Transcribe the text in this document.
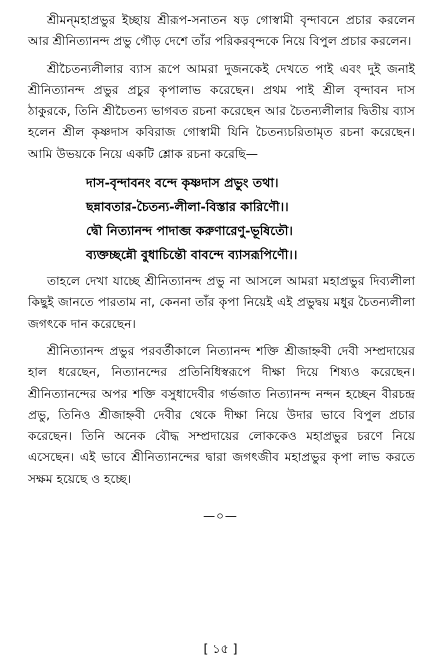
শ্রীমন্‌মহাপ্রভুর ইচ্ছায় শ্রীরূপ-সনাতন ষড় গোস্বামী বৃন্দাবনে প্রচার করলেন আর শ্রীনিত্যানন্দ প্রভু গৌড় দেশে তাঁর পরিকরবৃন্দকে নিয়ে বিপুল প্রচার করলেন।

শ্রীচৈতন্যলীলার ব্যাস রূপে আমরা দুজনকেই দেখতে পাই এবং দুই জনাই শ্রীনিত্যানন্দ প্রভুর প্রচুর কৃপালাভ করেছেন। প্রথম পাই শ্রীল বৃন্দাবন দাস ঠাকুরকে, তিনি শ্রীচৈতন্য ভাগবত রচনা করেছেন আর চৈতন্যলীলার দ্বিতীয় ব্যাস হলেন শ্রীল কৃষ্ণদাস কবিরাজ গোস্বামী যিনি চৈতন্যচরিতামৃত রচনা করেছেন। আমি উভয়কে নিয়ে একটি শ্লোক রচনা করেছি—

দাস-বৃন্দাবনং বন্দে কৃষ্ণদাস প্রভুং তথা।
ছন্নাবতার-চৈতন্য-লীলা-বিস্তার কারিণৌ।।
দ্বৌ নিত্যানন্দ পাদাব্জ করুণারেণু-ভূষিতৌ।
ব্যক্তচ্ছন্নৌ বুধাচিন্তৌ বাবন্দে ব্যাসরূপিণৌ।।

তাহলে দেখা যাচ্ছে শ্রীনিত্যানন্দ প্রভু না আসলে আমরা মহাপ্রভুর দিব্যলীলা কিছুই জানতে পারতাম না, কেননা তাঁর কৃপা নিয়েই এই প্রভুদ্বয় মধুর চৈতন্যলীলা জগৎকে দান করেছেন।

শ্রীনিত্যানন্দ প্রভুর পরবর্তীকালে নিত্যানন্দ শক্তি শ্রীজাহ্নবী দেবী সম্প্রদায়ের হাল ধরেছেন, নিত্যানন্দের প্রতিনিধিস্বরূপে দীক্ষা দিয়ে শিষ্যও করেছেন। শ্রীনিত্যানন্দের অপর শক্তি বসুধাদেবীর গর্ভজাত নিত্যানন্দ নন্দন হচ্ছেন বীরচন্দ্র প্রভু, তিনিও শ্রীজাহ্নবী দেবীর থেকে দীক্ষা নিয়ে উদার ভাবে বিপুল প্রচার করেছেন। তিনি অনেক বৌদ্ধ সম্প্রদায়ের লোককেও মহাপ্রভুর চরণে নিয়ে এসেছেন। এই ভাবে শ্রীনিত্যানন্দের দ্বারা জগৎজীব মহাপ্রভুর কৃপা লাভ করতে সক্ষম হয়েছে ও হচ্ছে।

—০—
[ ১৫ ]
